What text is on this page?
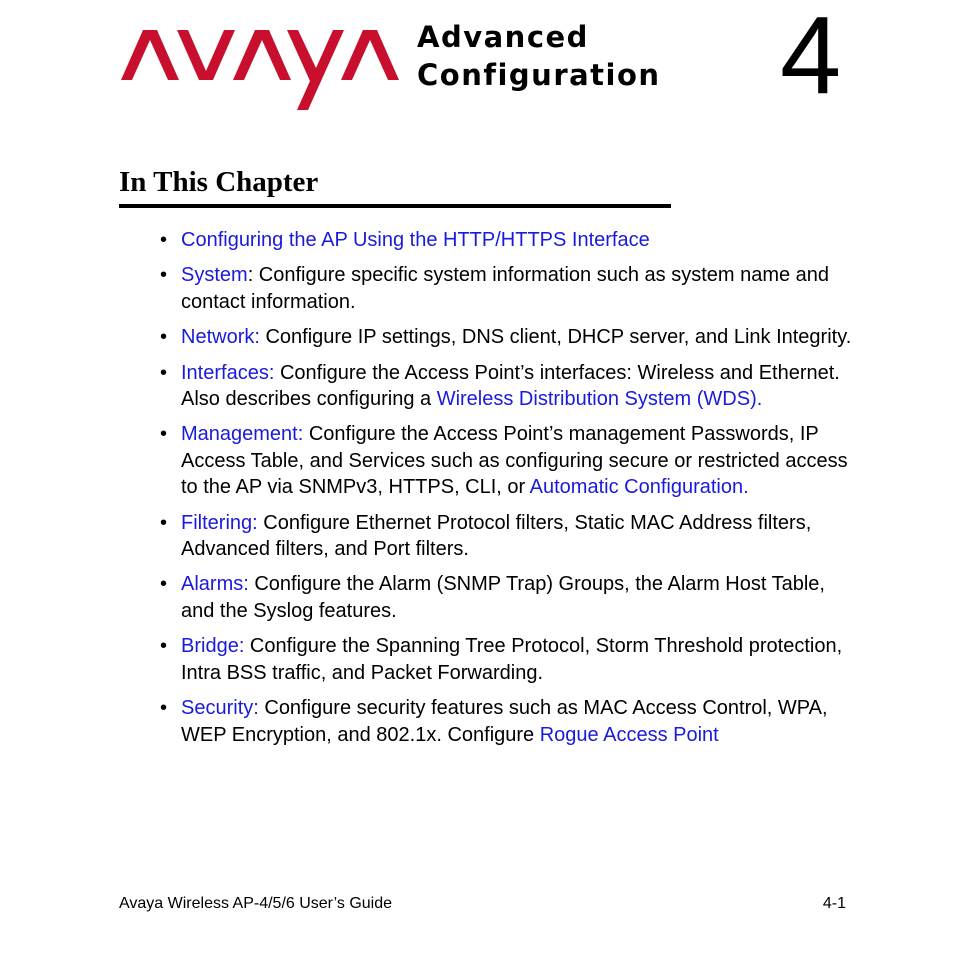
Advanced
Configuration 4
In This Chapter
• Configuring the AP Using the HTTP/HTTPS Interface
• System: Configure specific system information such as system name and contact information.
• Network: Configure IP settings, DNS client, DHCP server, and Link Integrity.
• Interfaces: Configure the Access Point’s interfaces: Wireless and Ethernet. Also describes configuring a Wireless Distribution System (WDS).
• Management: Configure the Access Point’s management Passwords, IP Access Table, and Services such as configuring secure or restricted access to the AP via SNMPv3, HTTPS, CLI, or Automatic Configuration.
• Filtering: Configure Ethernet Protocol filters, Static MAC Address filters, Advanced filters, and Port filters.
• Alarms: Configure the Alarm (SNMP Trap) Groups, the Alarm Host Table, and the Syslog features.
• Bridge: Configure the Spanning Tree Protocol, Storm Threshold protection, Intra BSS traffic, and Packet Forwarding.
• Security: Configure security features such as MAC Access Control, WPA, WEP Encryption, and 802.1x. Configure Rogue Access Point
Avaya Wireless AP-4/5/6 User’s Guide	4-1
